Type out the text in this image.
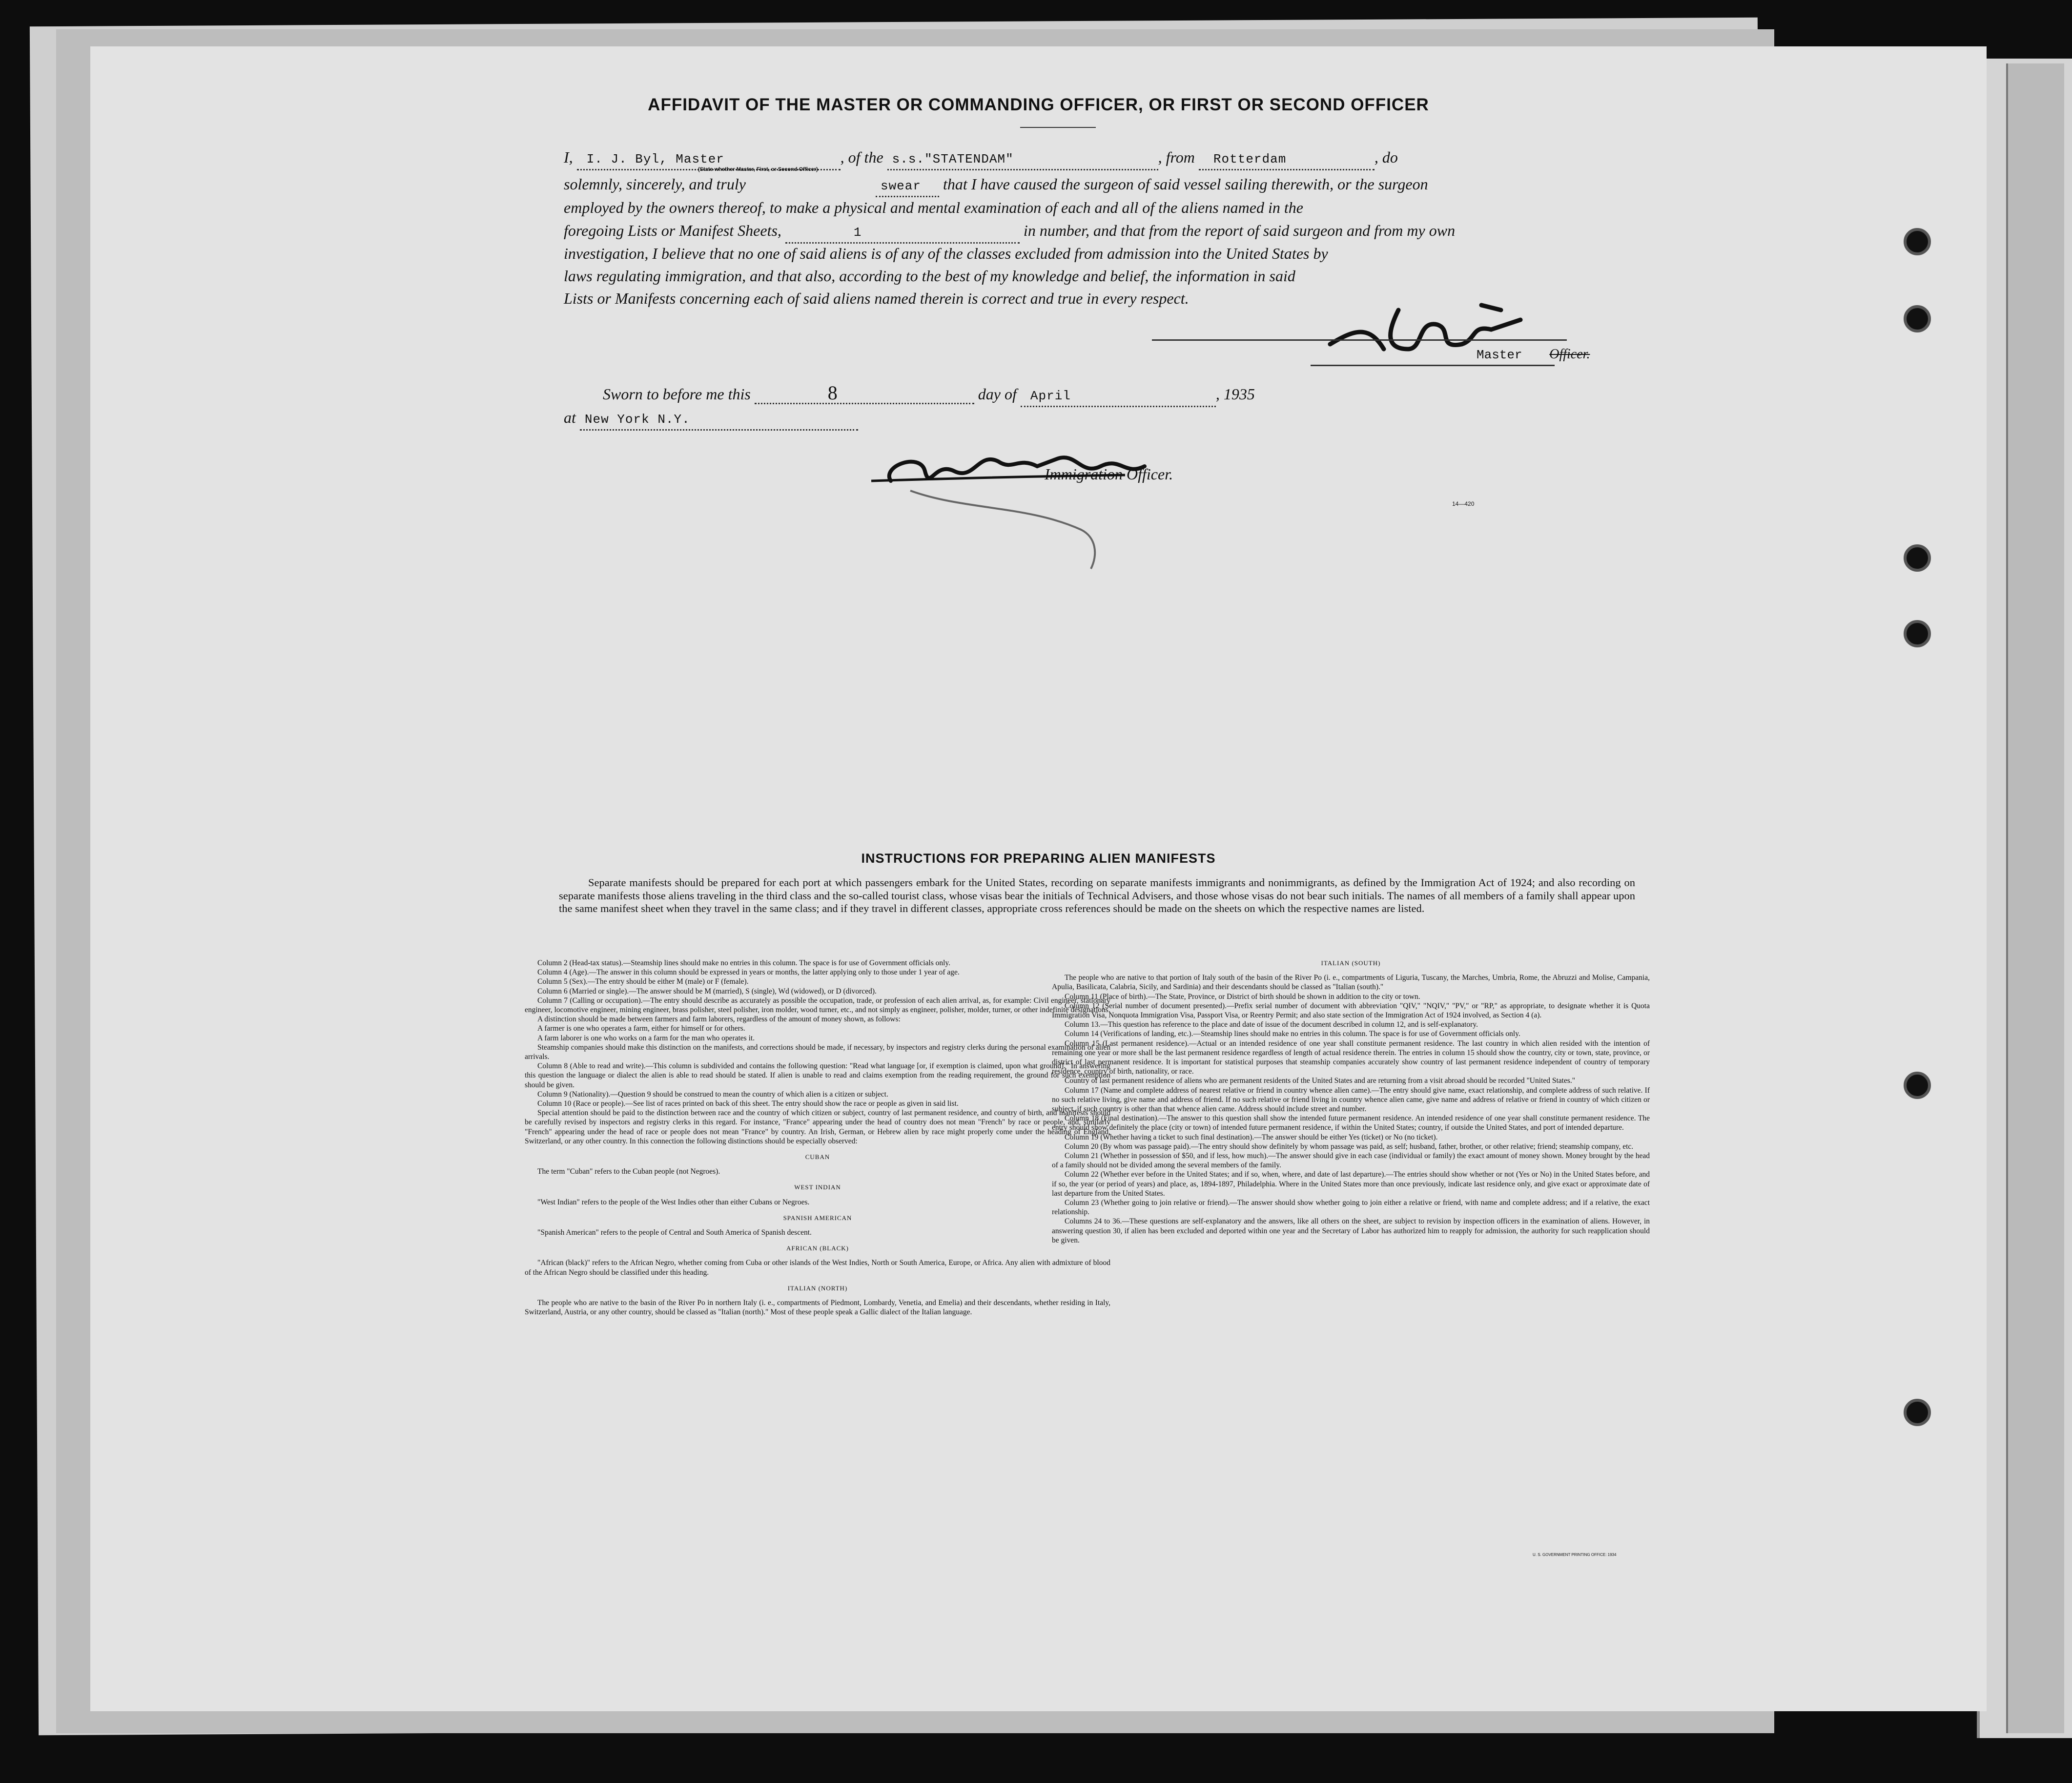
AFFIDAVIT OF THE MASTER OR COMMANDING OFFICER, OR FIRST OR SECOND OFFICER
I, I. J. Byl, Master	, of the s.s."STATENDAM"	, from Rotterdam	, do
(State whether Master, First, or Second Officer)
solemnly, sincerely, and truly	swear that I have caused the surgeon of said vessel sailing therewith, or the surgeon
employed by the owners thereof, to make a physical and mental examination of each and all of the aliens named in the
foregoing Lists or Manifest Sheets,	1	in number, and that from the report of said surgeon and from my own
investigation, I believe that no one of said aliens is of any of the classes excluded from admission into the United States by
laws regulating immigration, and that also, according to the best of my knowledge and belief, the information in said
Lists or Manifests concerning each of said aliens named therein is correct and true in every respect.
Master Officer.
Sworn to before me this	8	day of April	, 1935
at New York N.Y.
Immigration Officer.
14—420
INSTRUCTIONS FOR PREPARING ALIEN MANIFESTS
Separate manifests should be prepared for each port at which passengers embark for the United States, recording on separate manifests immigrants and nonimmigrants, as defined by the Immigration Act of 1924; and also recording on separate manifests those aliens traveling in the third class and the so-called tourist class, whose visas bear the initials of Technical Advisers, and those whose visas do not bear such initials. The names of all members of a family shall appear upon the same manifest sheet when they travel in the same class; and if they travel in different classes, appropriate cross references should be made on the sheets on which the respective names are listed.

Column 2 (Head-tax status).—Steamship lines should make no entries in this column. The space is for use of Government officials only.

Column 4 (Age).—The answer in this column should be expressed in years or months, the latter applying only to those under 1 year of age.

Column 5 (Sex).—The entry should be either M (male) or F (female).

Column 6 (Married or single).—The answer should be M (married), S (single), Wd (widowed), or D (divorced).

Column 7 (Calling or occupation).—The entry should describe as accurately as possible the occupation, trade, or profession of each alien arrival, as, for example: Civil engineer, stationary engineer, locomotive engineer, mining engineer, brass polisher, steel polisher, iron molder, wood turner, etc., and not simply as engineer, polisher, molder, turner, or other indefinite designations.

A distinction should be made between farmers and farm laborers, regardless of the amount of money shown, as follows:

A farmer is one who operates a farm, either for himself or for others.

A farm laborer is one who works on a farm for the man who operates it.

Steamship companies should make this distinction on the manifests, and corrections should be made, if necessary, by inspectors and registry clerks during the personal examination of alien arrivals.

Column 8 (Able to read and write).—This column is subdivided and contains the following question: "Read what language [or, if exemption is claimed, upon what ground]." In answering this question the language or dialect the alien is able to read should be stated. If alien is unable to read and claims exemption from the reading requirement, the ground for such exemption should be given.

Column 9 (Nationality).—Question 9 should be construed to mean the country of which alien is a citizen or subject.

Column 10 (Race or people).—See list of races printed on back of this sheet. The entry should show the race or people as given in said list.

Special attention should be paid to the distinction between race and the country of which citizen or subject, country of last permanent residence, and country of birth, and manifests should be carefully revised by inspectors and registry clerks in this regard. For instance, "France" appearing under the head of country does not mean "French" by race or people, and, similarly "French" appearing under the head of race or people does not mean "France" by country. An Irish, German, or Hebrew alien by race might properly come under the heading of England, Switzerland, or any other country. In this connection the following distinctions should be especially observed:

CUBAN

The term "Cuban" refers to the Cuban people (not Negroes).

WEST INDIAN

"West Indian" refers to the people of the West Indies other than either Cubans or Negroes.

SPANISH AMERICAN

"Spanish American" refers to the people of Central and South America of Spanish descent.

AFRICAN (BLACK)

"African (black)" refers to the African Negro, whether coming from Cuba or other islands of the West Indies, North or South America, Europe, or Africa. Any alien with admixture of blood of the African Negro should be classified under this heading.

ITALIAN (NORTH)

The people who are native to the basin of the River Po in northern Italy (i. e., compartments of Piedmont, Lombardy, Venetia, and Emelia) and their descendants, whether residing in Italy, Switzerland, Austria, or any other country, should be classed as "Italian (north)." Most of these people speak a Gallic dialect of the Italian language.

ITALIAN (SOUTH)

The people who are native to that portion of Italy south of the basin of the River Po (i. e., compartments of Liguria, Tuscany, the Marches, Umbria, Rome, the Abruzzi and Molise, Campania, Apulia, Basilicata, Calabria, Sicily, and Sardinia) and their descendants should be classed as "Italian (south)."

Column 11 (Place of birth).—The State, Province, or District of birth should be shown in addition to the city or town.

Column 12 (Serial number of document presented).—Prefix serial number of document with abbreviation "QIV," "NQIV," "PV," or "RP," as appropriate, to designate whether it is Quota Immigration Visa, Nonquota Immigration Visa, Passport Visa, or Reentry Permit; and also state section of the Immigration Act of 1924 involved, as Section 4 (a).

Column 13.—This question has reference to the place and date of issue of the document described in column 12, and is self-explanatory.

Column 14 (Verifications of landing, etc.).—Steamship lines should make no entries in this column. The space is for use of Government officials only.

Column 15 (Last permanent residence).—Actual or an intended residence of one year shall constitute permanent residence. The last country in which alien resided with the intention of remaining one year or more shall be the last permanent residence regardless of length of actual residence therein. The entries in column 15 should show the country, city or town, state, province, or district of last permanent residence. It is important for statistical purposes that steamship companies accurately show country of last permanent residence independent of country of temporary residence, country of birth, nationality, or race.

Country of last permanent residence of aliens who are permanent residents of the United States and are returning from a visit abroad should be recorded "United States."

Column 17 (Name and complete address of nearest relative or friend in country whence alien came).—The entry should give name, exact relationship, and complete address of such relative. If no such relative living, give name and address of friend. If no such relative or friend living in country whence alien came, give name and address of relative or friend in country of which citizen or subject, if such country is other than that whence alien came. Address should include street and number.

Column 18 (Final destination).—The answer to this question shall show the intended future permanent residence. An intended residence of one year shall constitute permanent residence. The entry should show definitely the place (city or town) of intended future permanent residence, if within the United States; country, if outside the United States, and port of intended departure.

Column 19 (Whether having a ticket to such final destination).—The answer should be either Yes (ticket) or No (no ticket).

Column 20 (By whom was passage paid).—The entry should show definitely by whom passage was paid, as self; husband, father, brother, or other relative; friend; steamship company, etc.

Column 21 (Whether in possession of $50, and if less, how much).—The answer should give in each case (individual or family) the exact amount of money shown. Money brought by the head of a family should not be divided among the several members of the family.

Column 22 (Whether ever before in the United States; and if so, when, where, and date of last departure).—The entries should show whether or not (Yes or No) in the United States before, and if so, the year (or period of years) and place, as, 1894-1897, Philadelphia. Where in the United States more than once previously, indicate last residence only, and give exact or approximate date of last departure from the United States.

Column 23 (Whether going to join relative or friend).—The answer should show whether going to join either a relative or friend, with name and complete address; and if a relative, the exact relationship.

Columns 24 to 36.—These questions are self-explanatory and the answers, like all others on the sheet, are subject to revision by inspection officers in the examination of aliens. However, in answering question 30, if alien has been excluded and deported within one year and the Secretary of Labor has authorized him to reapply for admission, the authority for such reapplication should be given.

U. S. GOVERNMENT PRINTING OFFICE: 1934
